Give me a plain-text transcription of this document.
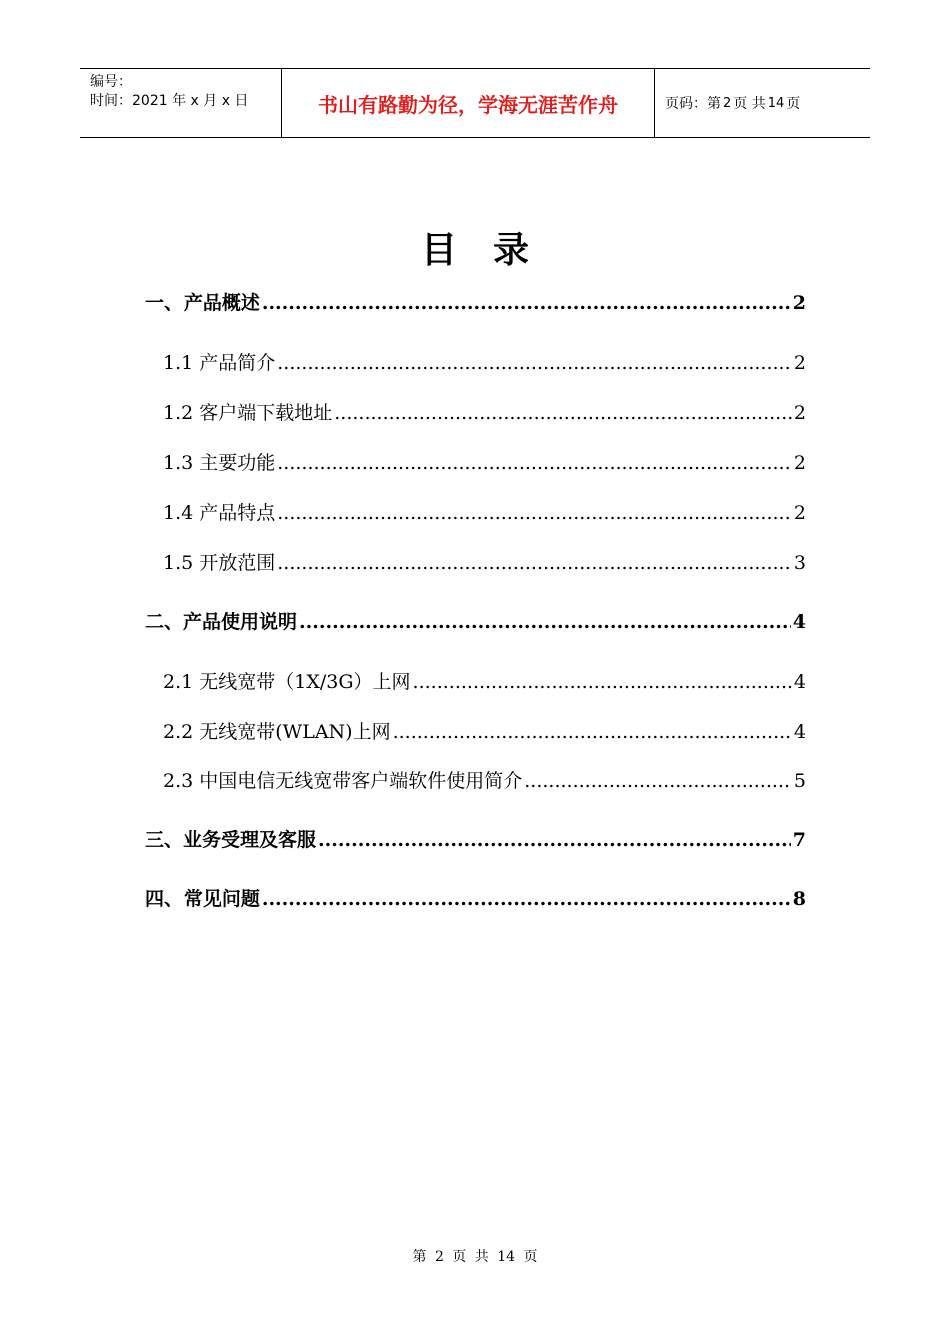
编号：
时间：2021 年 x 月 x 日	书山有路勤为径，学海无涯苦作舟	页码：第 2 页 共 14 页
目录
一、 产品概述 .....	2
1.1 产品简介 .....	2
1.2 客户端下载地址 .....	2
1.3 主要功能 .....	2
1.4 产品特点 .....	2
1.5 开放范围 .....	3
二、 产品使用说明 .....	4
2.1 无线宽带（1X/3G）上网 .....	4
2.2 无线宽带(WLAN)上网 .....	4
2.3 中国电信无线宽带客户端软件使用简介 .....	5
三、 业务受理及客服 .....	7
四、 常见问题 .....	8
第 2 页 共 14 页
